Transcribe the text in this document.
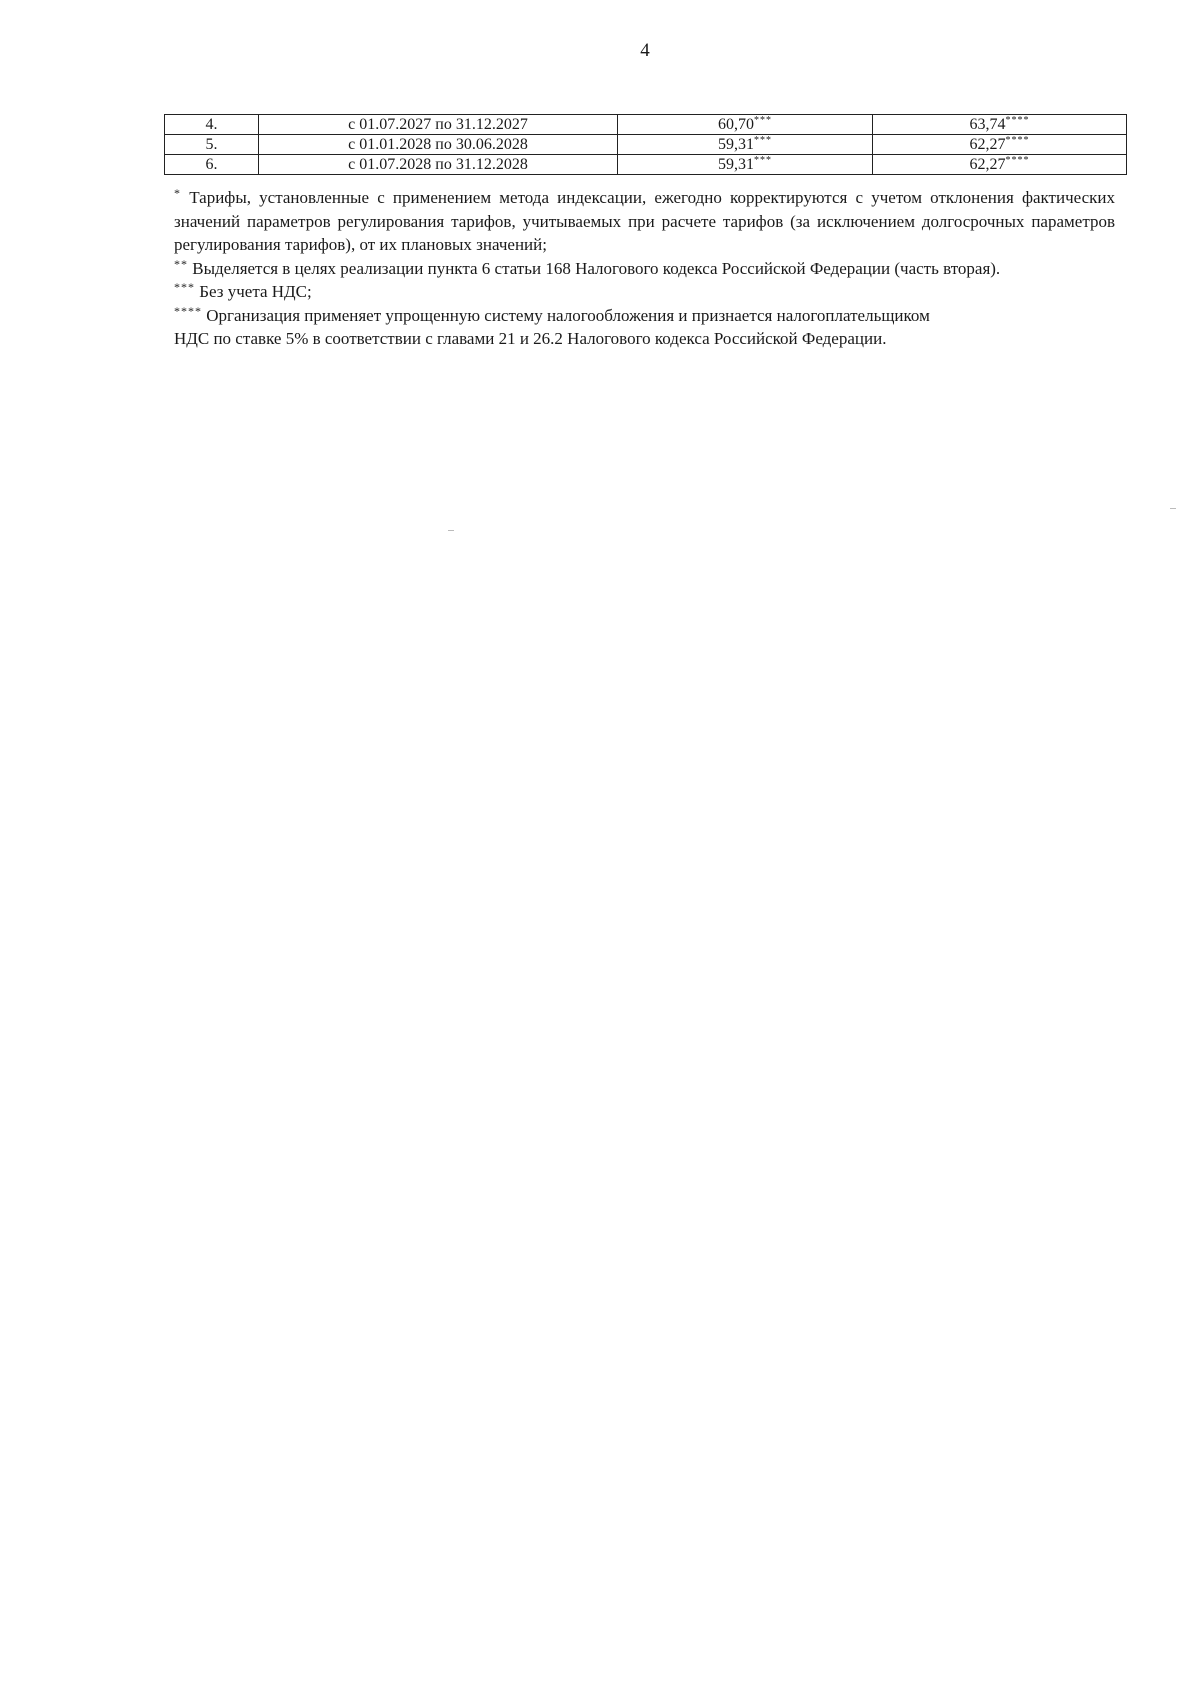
4
4.	с 01.07.2027 по 31.12.2027	60,70***	63,74****
5.	с 01.01.2028 по 30.06.2028	59,31***	62,27****
6.	с 01.07.2028 по 31.12.2028	59,31***	62,27****

* Тарифы, установленные с применением метода индексации, ежегодно корректируются с учетом отклонения фактических значений параметров регулирования тарифов, учитываемых при расчете тарифов (за исключением долгосрочных параметров регулирования тарифов), от их плановых значений;

** Выделяется в целях реализации пункта 6 статьи 168 Налогового кодекса Российской Федерации (часть вторая).

*** Без учета НДС;

**** Организация применяет упрощенную систему налогообложения и признается налогоплательщиком

НДС по ставке 5% в соответствии с главами 21 и 26.2 Налогового кодекса Российской Федерации.
